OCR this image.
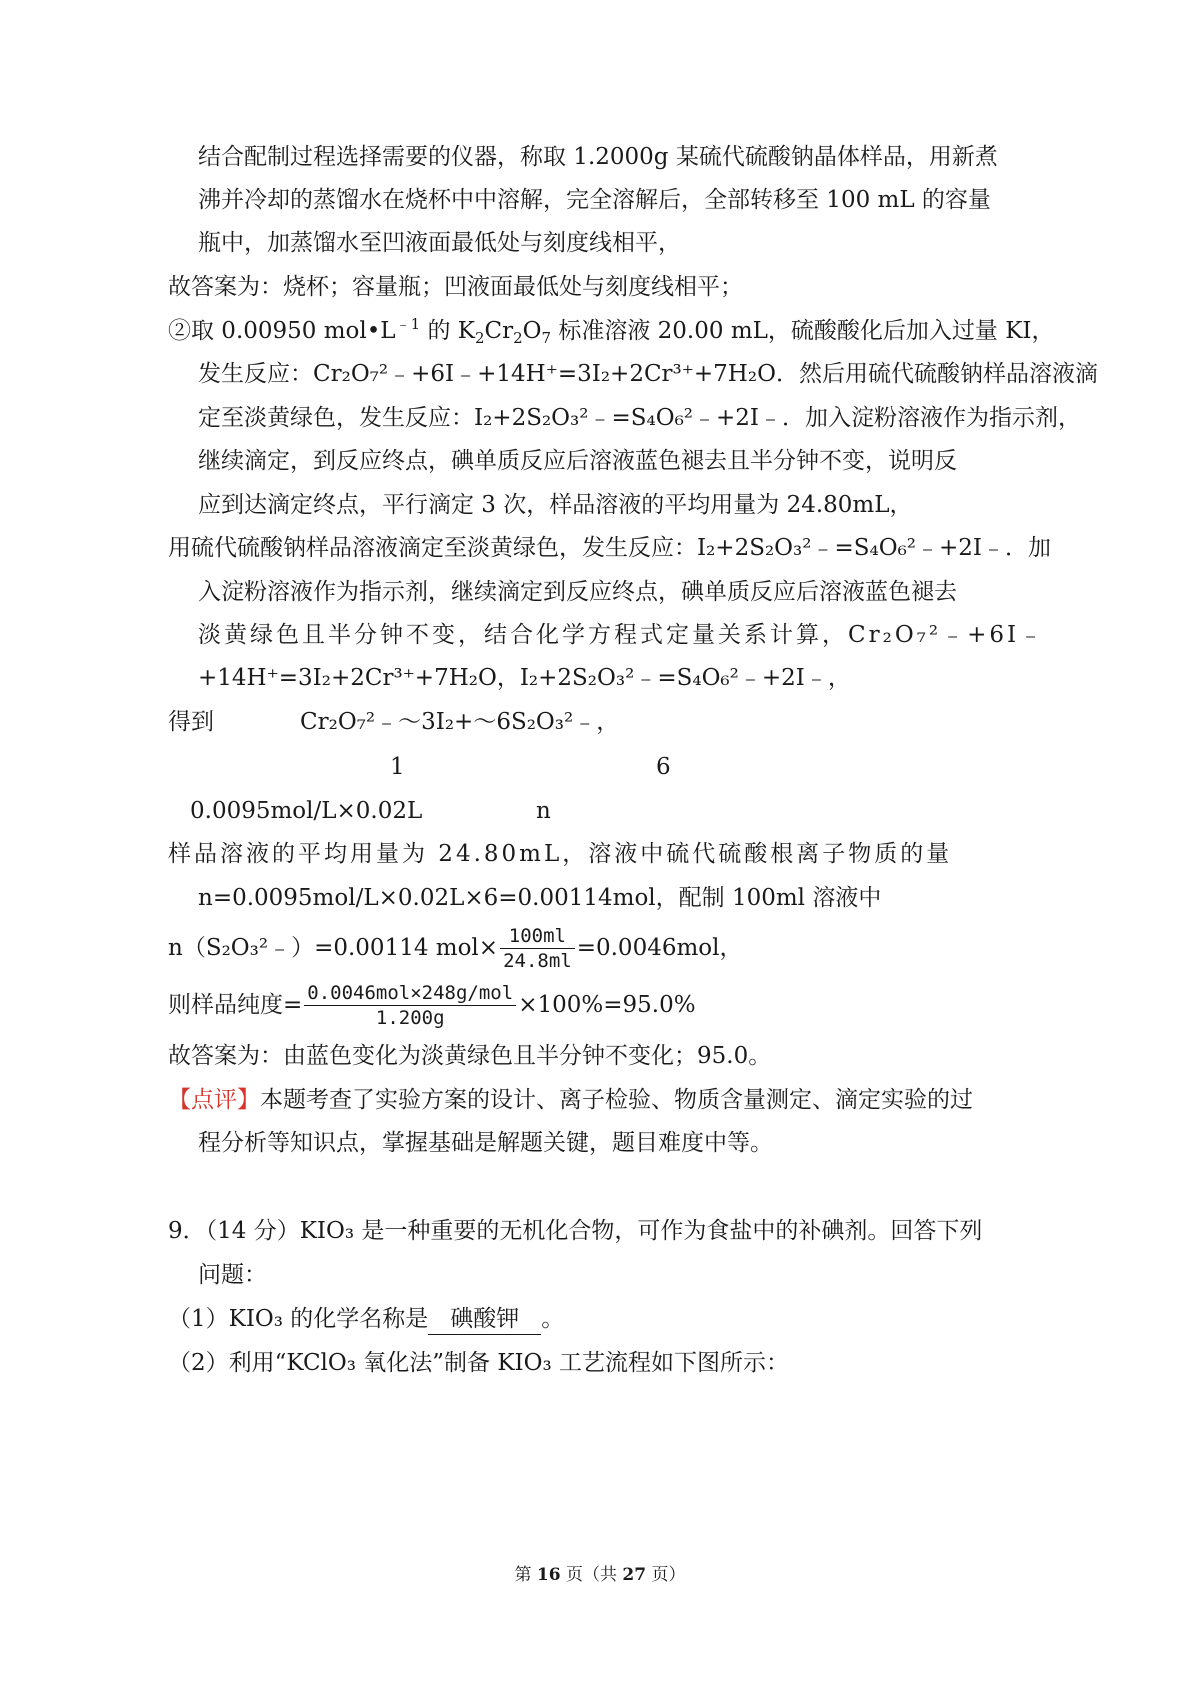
结合配制过程选择需要的仪器，称取 1.2000g 某硫代硫酸钠晶体样品，用新煮
沸并冷却的蒸馏水在烧杯中中溶解，完全溶解后，全部转移至 100 mL 的容量
瓶中，加蒸馏水至凹液面最低处与刻度线相平，
故答案为：烧杯；容量瓶；凹液面最低处与刻度线相平；
②取 0.00950 $mol•L^{﹣1}$ 的 $K_2Cr_2O_7$ 标准溶液 20.00 mL，硫酸酸化后加入过量 KI，
发生反应：Cr₂O₇²﹣+6I﹣+14H⁺=3I₂+2Cr³⁺+7H₂O．然后用硫代硫酸钠样品溶液滴
定至淡黄绿色，发生反应：I₂+2S₂O₃²﹣=S₄O₆²﹣+2I﹣．加入淀粉溶液作为指示剂，
继续滴定，到反应终点，碘单质反应后溶液蓝色褪去且半分钟不变，说明反
应到达滴定终点，平行滴定 3 次，样品溶液的平均用量为 24.80mL，
用硫代硫酸钠样品溶液滴定至淡黄绿色，发生反应：I₂+2S₂O₃²﹣=S₄O₆²﹣+2I﹣．加
入淀粉溶液作为指示剂，继续滴定到反应终点，碘单质反应后溶液蓝色褪去
淡黄绿色且半分钟不变，结合化学方程式定量关系计算，Cr₂O₇²﹣+6I﹣
+14H⁺=3I₂+2Cr³⁺+7H₂O，I₂+2S₂O₃²﹣=S₄O₆²﹣+2I﹣，
得到	Cr₂O₇²﹣～3I₂+～6S₂O₃²﹣，
1	6
0.0095mol/L×0.02L	n
样品溶液的平均用量为 24.80mL，溶液中硫代硫酸根离子物质的量
n=0.0095mol/L×0.02L×6=0.00114mol，配制 100ml 溶液中
n（S₂O₃²﹣）=0.00114 $mol\times \frac{100ml}{24.8ml} =0.0046mol$，
则样品纯度= $\frac{\text{0.0046mol×248g/mol}}{1.200g} \times 100\%=95.0\%$
故答案为：由蓝色变化为淡黄绿色且半分钟不变化；95.0。
【点评】本题考查了实验方案的设计、离子检验、物质含量测定、滴定实验的过
程分析等知识点，掌握基础是解题关键，题目难度中等。
9．（14 分）KIO₃ 是一种重要的无机化合物，可作为食盐中的补碘剂。回答下列
问题：
（1）KIO₃ 的化学名称是 碘酸钾 。
（2）利用“KClO₃ 氧化法”制备 KIO₃ 工艺流程如下图所示：
第 16 页（共 27 页）
